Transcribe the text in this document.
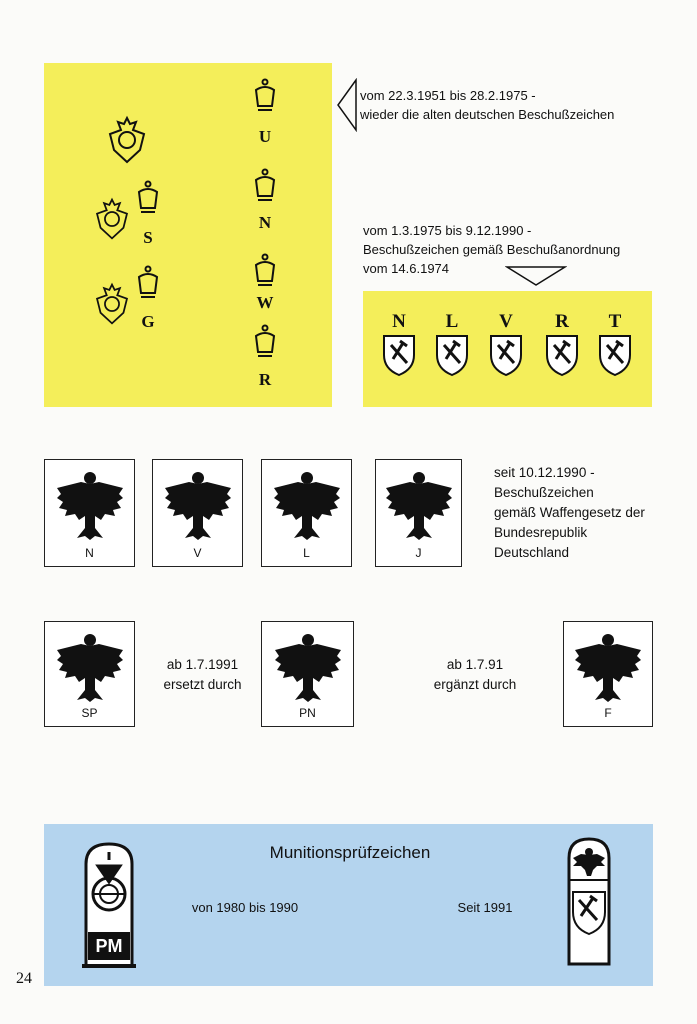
S
G
U
N
W
R
vom 22.3.1951 bis 28.2.1975 -
wieder die alten deutschen Beschußzeichen
vom 1.3.1975 bis 9.12.1990 -
Beschußzeichen gemäß Beschußanordnung
vom 14.6.1974
N	L	V	R	T
N	V	L	J
seit 10.12.1990 -
Beschußzeichen
gemäß Waffengesetz der
Bundesrepublik
Deutschland
SP
ab 1.7.1991
ersetzt durch
PN
ab 1.7.91
ergänzt durch
F
Munitionsprüfzeichen
von 1980 bis 1990	Seit 1991
PM
24
